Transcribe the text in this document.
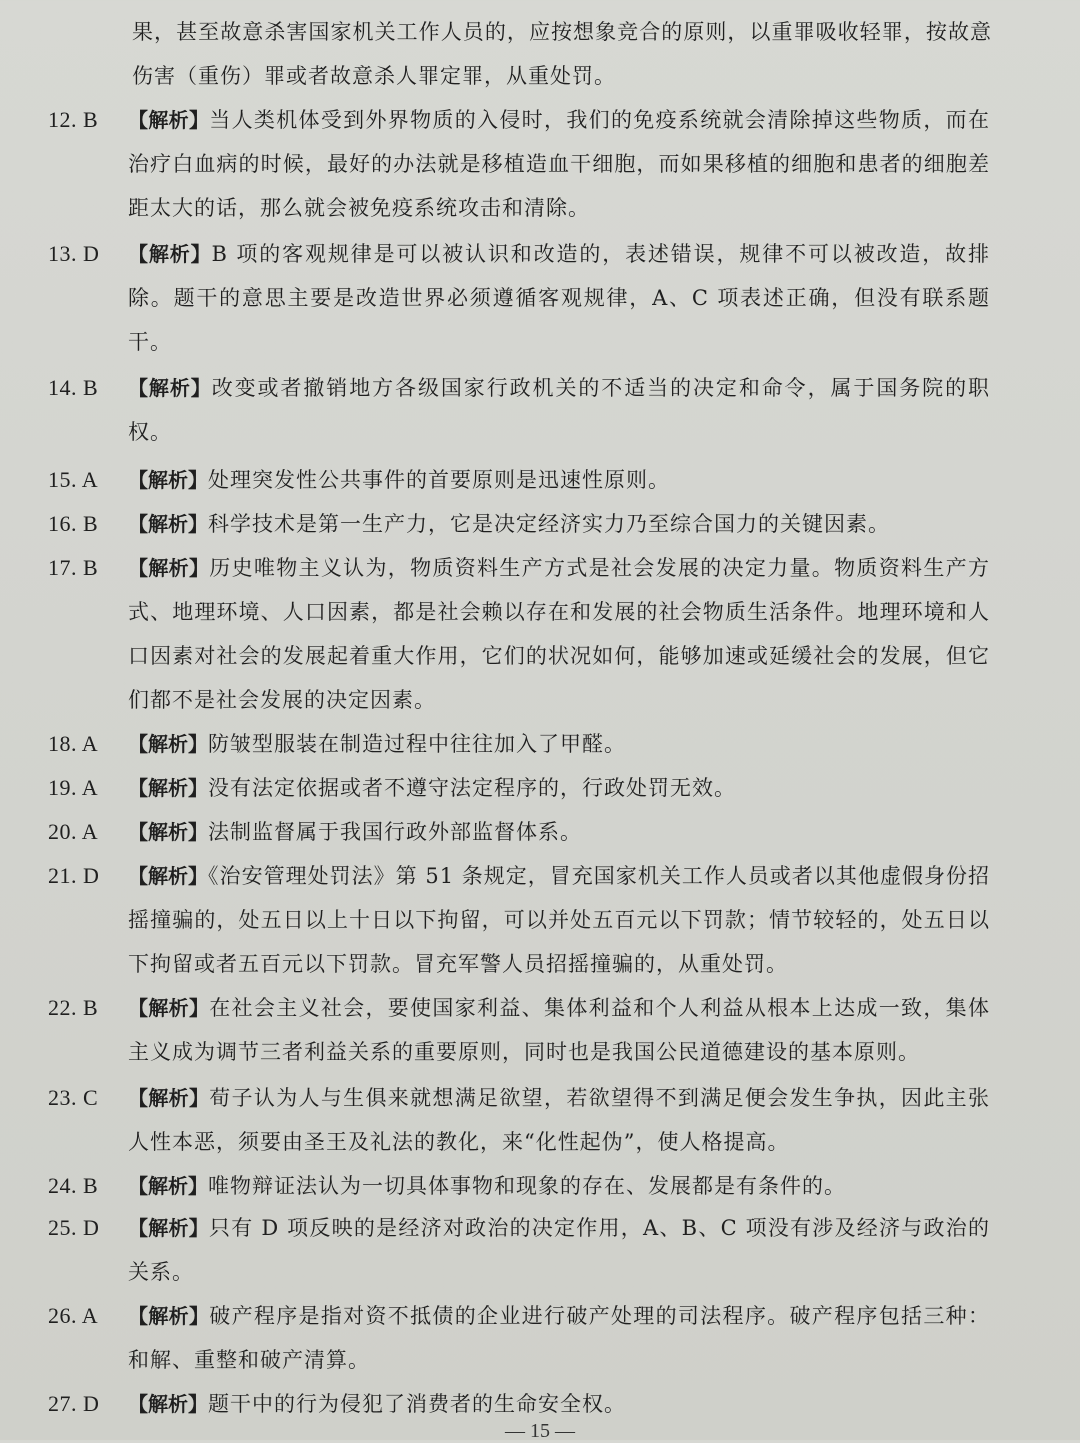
果，甚至故意杀害国家机关工作人员的，应按想象竞合的原则，以重罪吸收轻罪，按故意伤害（重伤）罪或者故意杀人罪定罪，从重处罚。
12. B	【解析】当人类机体受到外界物质的入侵时，我们的免疫系统就会清除掉这些物质，而在治疗白血病的时候，最好的办法就是移植造血干细胞，而如果移植的细胞和患者的细胞差距太大的话，那么就会被免疫系统攻击和清除。
13. D	【解析】B 项的客观规律是可以被认识和改造的，表述错误，规律不可以被改造，故排除。题干的意思主要是改造世界必须遵循客观规律，A、C 项表述正确，但没有联系题干。
14. B	【解析】改变或者撤销地方各级国家行政机关的不适当的决定和命令，属于国务院的职权。
15. A	【解析】处理突发性公共事件的首要原则是迅速性原则。
16. B	【解析】科学技术是第一生产力，它是决定经济实力乃至综合国力的关键因素。
17. B	【解析】历史唯物主义认为，物质资料生产方式是社会发展的决定力量。物质资料生产方式、地理环境、人口因素，都是社会赖以存在和发展的社会物质生活条件。地理环境和人口因素对社会的发展起着重大作用，它们的状况如何，能够加速或延缓社会的发展，但它们都不是社会发展的决定因素。
18. A	【解析】防皱型服装在制造过程中往往加入了甲醛。
19. A	【解析】没有法定依据或者不遵守法定程序的，行政处罚无效。
20. A	【解析】法制监督属于我国行政外部监督体系。
21. D	【解析】《治安管理处罚法》第 51 条规定，冒充国家机关工作人员或者以其他虚假身份招摇撞骗的，处五日以上十日以下拘留，可以并处五百元以下罚款；情节较轻的，处五日以下拘留或者五百元以下罚款。冒充军警人员招摇撞骗的，从重处罚。
22. B	【解析】在社会主义社会，要使国家利益、集体利益和个人利益从根本上达成一致，集体主义成为调节三者利益关系的重要原则，同时也是我国公民道德建设的基本原则。
23. C	【解析】荀子认为人与生俱来就想满足欲望，若欲望得不到满足便会发生争执，因此主张人性本恶，须要由圣王及礼法的教化，来“化性起伪”，使人格提高。
24. B	【解析】唯物辩证法认为一切具体事物和现象的存在、发展都是有条件的。
25. D	【解析】只有 D 项反映的是经济对政治的决定作用，A、B、C 项没有涉及经济与政治的关系。
26. A	【解析】破产程序是指对资不抵债的企业进行破产处理的司法程序。破产程序包括三种：和解、重整和破产清算。
27. D	【解析】题干中的行为侵犯了消费者的生命安全权。
— 15 —
